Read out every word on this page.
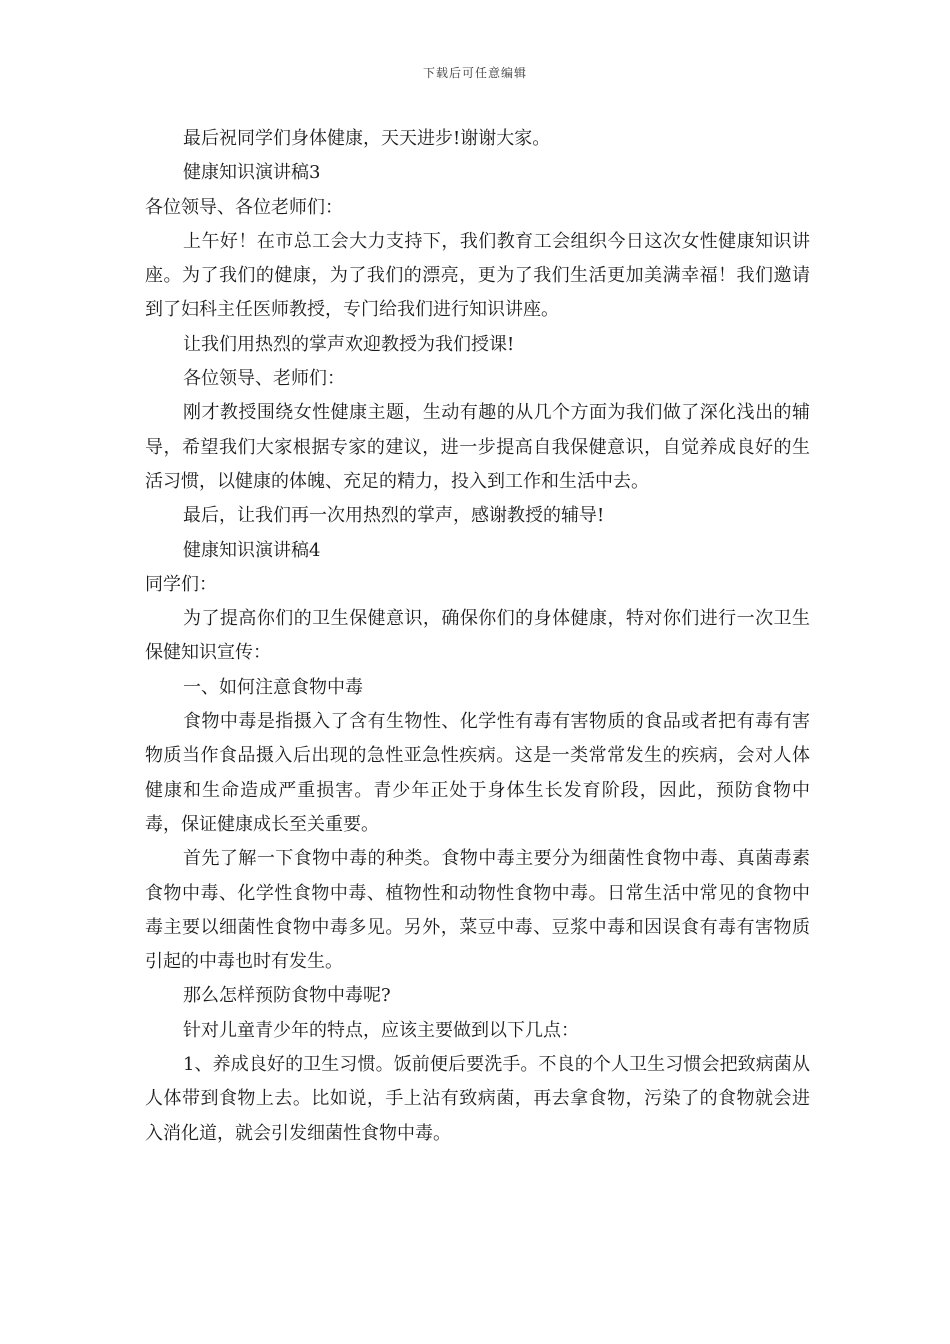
下载后可任意编辑

最后祝同学们身体健康，天天进步!谢谢大家。

健康知识演讲稿3

各位领导、各位老师们：

上午好！在市总工会大力支持下，我们教育工会组织今日这次女性健康知识讲座。为了我们的健康，为了我们的漂亮，更为了我们生活更加美满幸福！我们邀请到了妇科主任医师教授，专门给我们进行知识讲座。

让我们用热烈的掌声欢迎教授为我们授课!

各位领导、老师们：

刚才教授围绕女性健康主题，生动有趣的从几个方面为我们做了深化浅出的辅导，希望我们大家根据专家的建议，进一步提高自我保健意识，自觉养成良好的生活习惯，以健康的体魄、充足的精力，投入到工作和生活中去。

最后，让我们再一次用热烈的掌声，感谢教授的辅导!

健康知识演讲稿4

同学们：

为了提高你们的卫生保健意识，确保你们的身体健康，特对你们进行一次卫生保健知识宣传：

一、如何注意食物中毒

食物中毒是指摄入了含有生物性、化学性有毒有害物质的食品或者把有毒有害物质当作食品摄入后出现的急性亚急性疾病。这是一类常常发生的疾病，会对人体健康和生命造成严重损害。青少年正处于身体生长发育阶段，因此，预防食物中毒，保证健康成长至关重要。

首先了解一下食物中毒的种类。食物中毒主要分为细菌性食物中毒、真菌毒素食物中毒、化学性食物中毒、植物性和动物性食物中毒。日常生活中常见的食物中毒主要以细菌性食物中毒多见。另外，菜豆中毒、豆浆中毒和因误食有毒有害物质引起的中毒也时有发生。

那么怎样预防食物中毒呢?

针对儿童青少年的特点，应该主要做到以下几点：

1、养成良好的卫生习惯。饭前便后要洗手。不良的个人卫生习惯会把致病菌从人体带到食物上去。比如说，手上沾有致病菌，再去拿食物，污染了的食物就会进入消化道，就会引发细菌性食物中毒。
